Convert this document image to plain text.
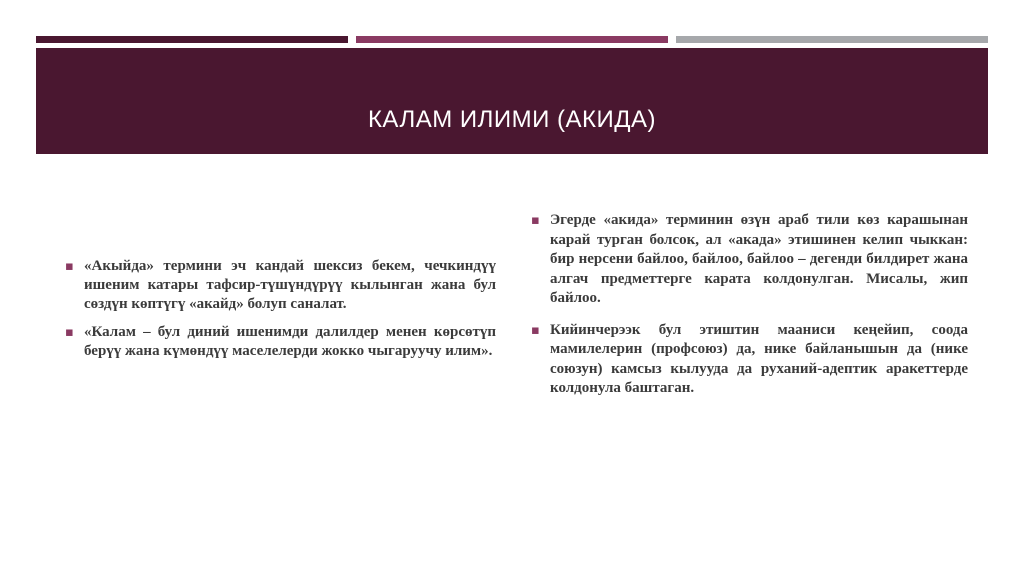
КАЛАМ ИЛИМИ (АКИДА)
▪ «Акыйда» термини эч кандай шексиз бекем, чечкиндүү ишеним катары тафсир-түшүндүрүү кылынган жана бул сөздүн көптүгү «акайд» болуп саналат.
▪ «Калам – бул диний ишенимди далилдер менен көрсөтүп берүү жана күмөндүү маселелерди жокко чыгаруучу илим».
▪ Эгерде «акида» терминин өзүн араб тили көз карашынан карай турган болсок, ал «акада» этишинен келип чыккан: бир нерсени байлоо, байлоо, байлоо – дегенди билдирет жана алгач предметтерге карата колдонулган. Мисалы, жип байлоо.
▪ Кийинчерээк бул этиштин мааниси кеңейип, соода мамилелерин (профсоюз) да, нике байланышын да (нике союзун) камсыз кылууда да руханий-адептик аракеттерде колдонула баштаган.
